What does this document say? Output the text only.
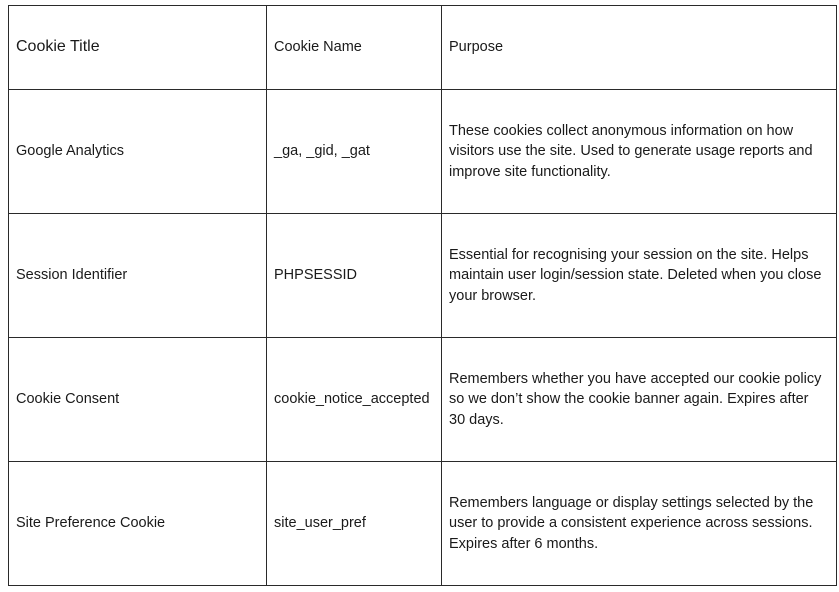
Cookie Title	Cookie Name	Purpose
Google Analytics	_ga, _gid, _gat	These cookies collect anonymous information on how visitors use the site. Used to generate usage reports and improve site functionality.
Session Identifier	PHPSESSID	Essential for recognising your session on the site. Helps maintain user login/session state. Deleted when you close your browser.
Cookie Consent	cookie_notice_accepted	Remembers whether you have accepted our cookie policy so we don’t show the cookie banner again. Expires after 30 days.
Site Preference Cookie	site_user_pref	Remembers language or display settings selected by the user to provide a consistent experience across sessions. Expires after 6 months.
